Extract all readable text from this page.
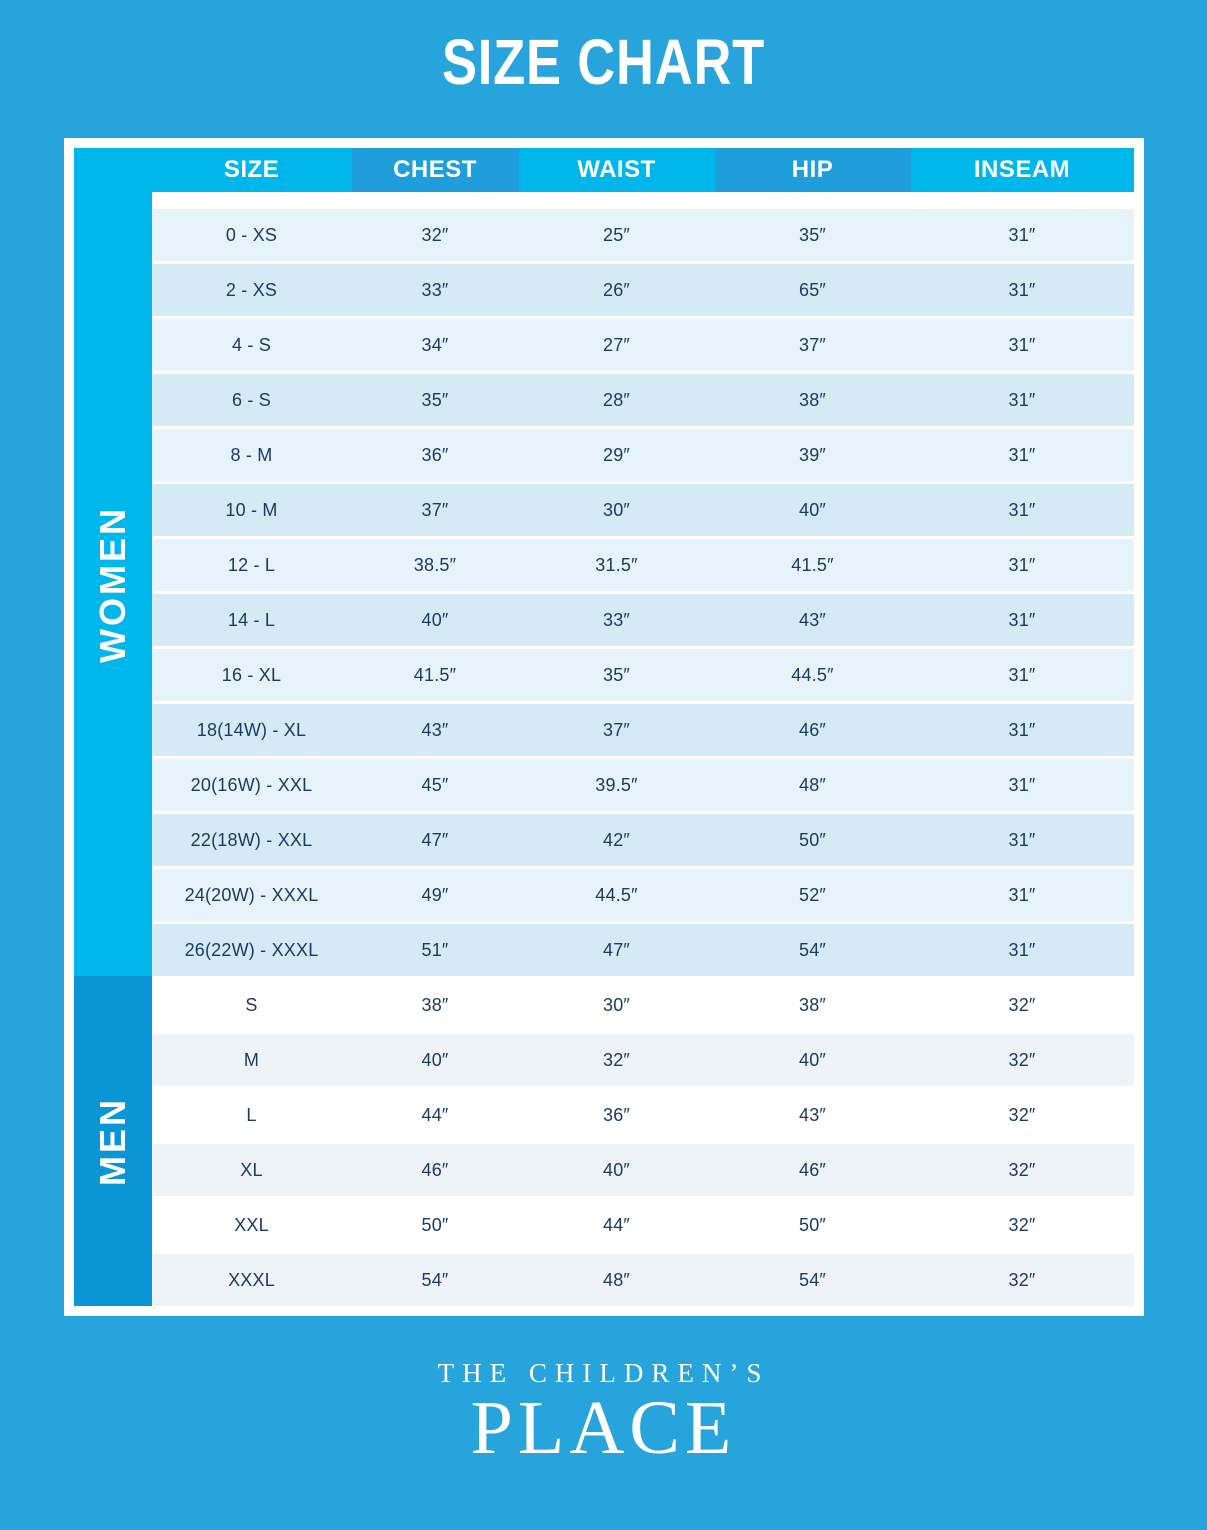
SIZE CHART
SIZE	CHEST	WAIST	HIP	INSEAM
WOMEN
MEN
0 - XS	32″	25″	35″	31″
2 - XS	33″	26″	65″	31″
4 - S	34″	27″	37″	31″
6 - S	35″	28″	38″	31″
8 - M	36″	29″	39″	31″
10 - M	37″	30″	40″	31″
12 - L	38.5″	31.5″	41.5″	31″
14 - L	40″	33″	43″	31″
16 - XL	41.5″	35″	44.5″	31″
18(14W) - XL	43″	37″	46″	31″
20(16W) - XXL	45″	39.5″	48″	31″
22(18W) - XXL	47″	42″	50″	31″
24(20W) - XXXL	49″	44.5″	52″	31″
26(22W) - XXXL	51″	47″	54″	31″
S	38″	30″	38″	32″
M	40″	32″	40″	32″
L	44″	36″	43″	32″
XL	46″	40″	46″	32″
XXL	50″	44″	50″	32″
XXXL	54″	48″	54″	32″
THE CHILDREN’S
PLACE
